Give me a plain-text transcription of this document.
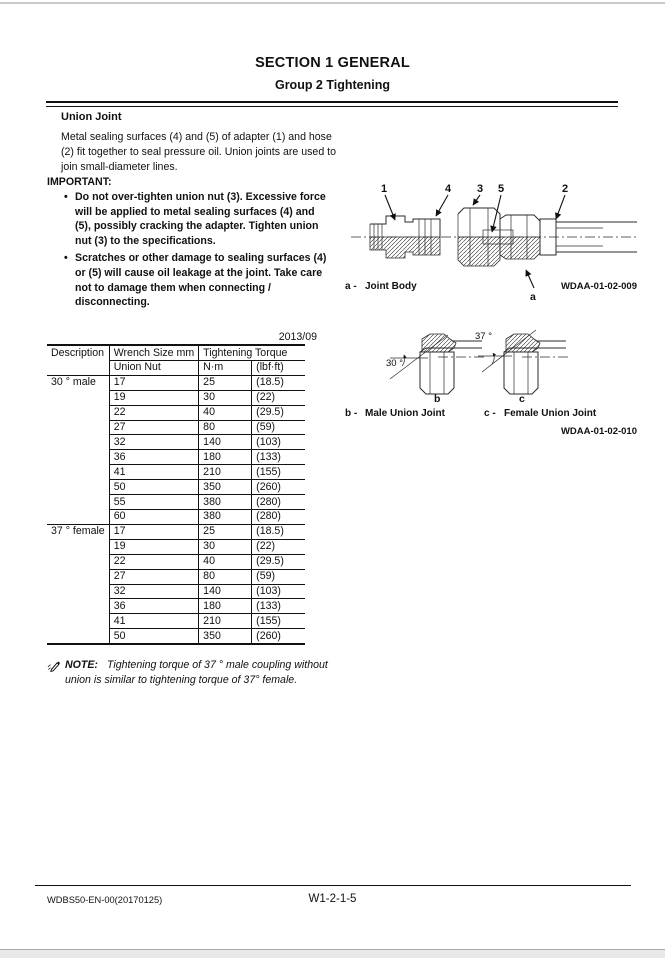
SECTION 1 GENERAL
Group 2 Tightening
Union Joint
Metal sealing surfaces (4) and (5) of adapter (1) and hose (2) fit together to seal pressure oil. Union joints are used to join small-diameter lines.
IMPORTANT:
• Do not over-tighten union nut (3). Excessive force will be applied to metal sealing surfaces (4) and (5), possibly cracking the adapter. Tighten union nut (3) to the specifications.
• Scratches or other damage to sealing surfaces (4) or (5) will cause oil leakage at the joint. Take care not to damage them when connecting / disconnecting.
1	4 3 5	2
a
a - Joint Body	WDAA-01-02-009
2013/09
Description	Wrench Size mm	Tightening Torque	
	Union Nut	N·m	(lbf·ft)
30 ° male	17	25	(18.5)
	19	30	(22)
	22	40	(29.5)
	27	80	(59)
	32	140	(103)
	36	180	(133)
	41	210	(155)
	50	350	(260)
	55	380	(280)
	60	380	(280)
37 ° female	17	25	(18.5)
	19	30	(22)
	22	40	(29.5)
	27	80	(59)
	32	140	(103)
	36	180	(133)
	41	210	(155)
	50	350	(260)
30 °
b
37 °
c
b - Male Union Joint	c - Female Union Joint
WDAA-01-02-010
NOTE: Tightening torque of 37 ° male coupling without union is similar to tightening torque of 37° female.
WDBS50-EN-00(20170125)	W1-2-1-5
